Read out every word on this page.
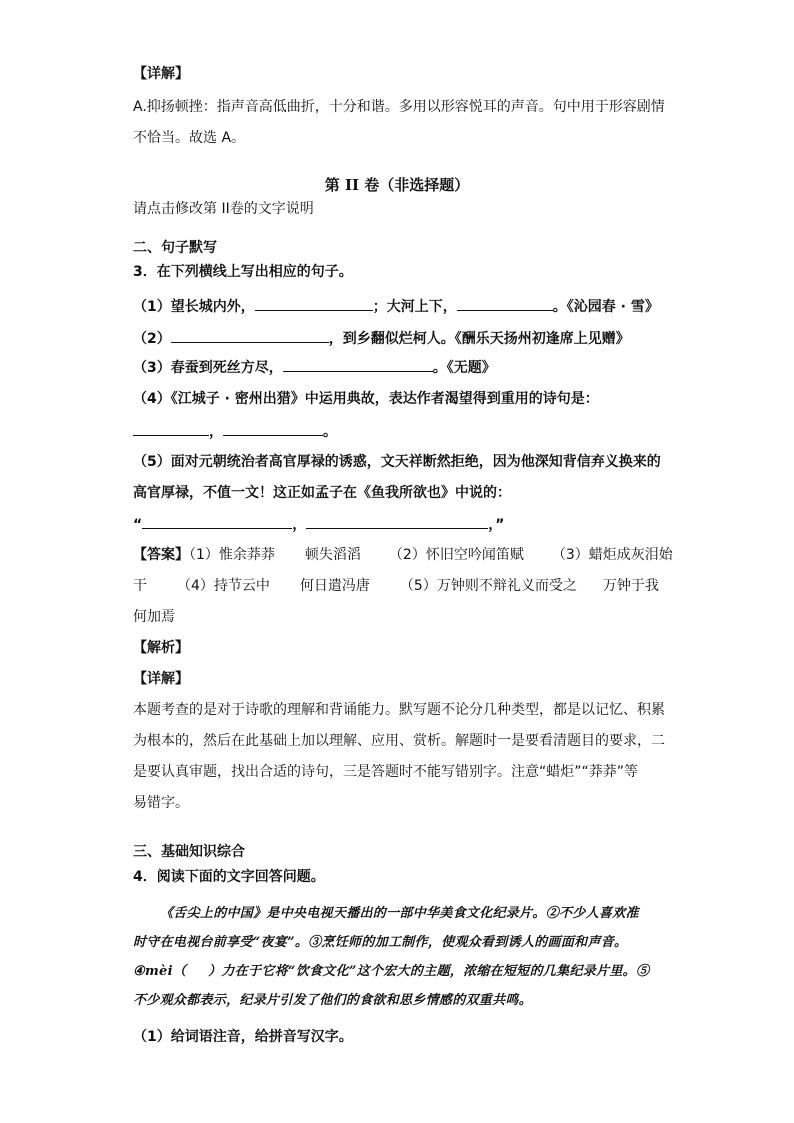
【详解】
A.抑扬顿挫：指声音高低曲折，十分和谐。多用以形容悦耳的声音。句中用于形容剧情
不恰当。故选 A。
第 II 卷（非选择题）
请点击修改第 II卷的文字说明
二、句子默写
3．在下列横线上写出相应的句子。
（1）望长城内外，	；大河上下，	。《沁园春 · 雪》
（2）	，到乡翻似烂柯人。《酬乐天扬州初逢席上见赠》
（3）春蚕到死丝方尽，	。《无题》
（4）《江城子 · 密州出猎》中运用典故，表达作者渴望得到重用的诗句是：
，	。
（5）面对元朝统治者高官厚禄的诱惑，文天祥断然拒绝，因为他深知背信弃义换来的
高官厚禄，不值一文！这正如孟子在《鱼我所欲也》中说的：
“	，	，”
【答案】（1）惟余莽莽 顿失滔滔 （2）怀旧空吟闻笛赋 （3）蜡炬成灰泪始
干 （4）持节云中 何日遣冯唐 （5）万钟则不辩礼义而受之 万钟于我
何加焉
【解析】
【详解】
本题考查的是对于诗歌的理解和背诵能力。默写题不论分几种类型，都是以记忆、积累
为根本的，然后在此基础上加以理解、应用、赏析。解题时一是要看清题目的要求，二
是要认真审题，找出合适的诗句，三是答题时不能写错别字。注意“蜡炬”“莽莽”等
易错字。
三、基础知识综合
4．阅读下面的文字回答问题。
《舌尖上的中国》是中央电视天播出的一部中华美食文化纪录片。②不少人喜欢准
时守在电视台前享受“夜宴”。③烹饪师的加工制作，使观众看到诱人的画面和声音。
④mèi（ ）力在于它将“饮食文化”这个宏大的主题，浓缩在短短的几集纪录片里。⑤
不少观众都表示，纪录片引发了他们的食欲和思乡情感的双重共鸣。
（1）给词语注音，给拼音写汉字。
